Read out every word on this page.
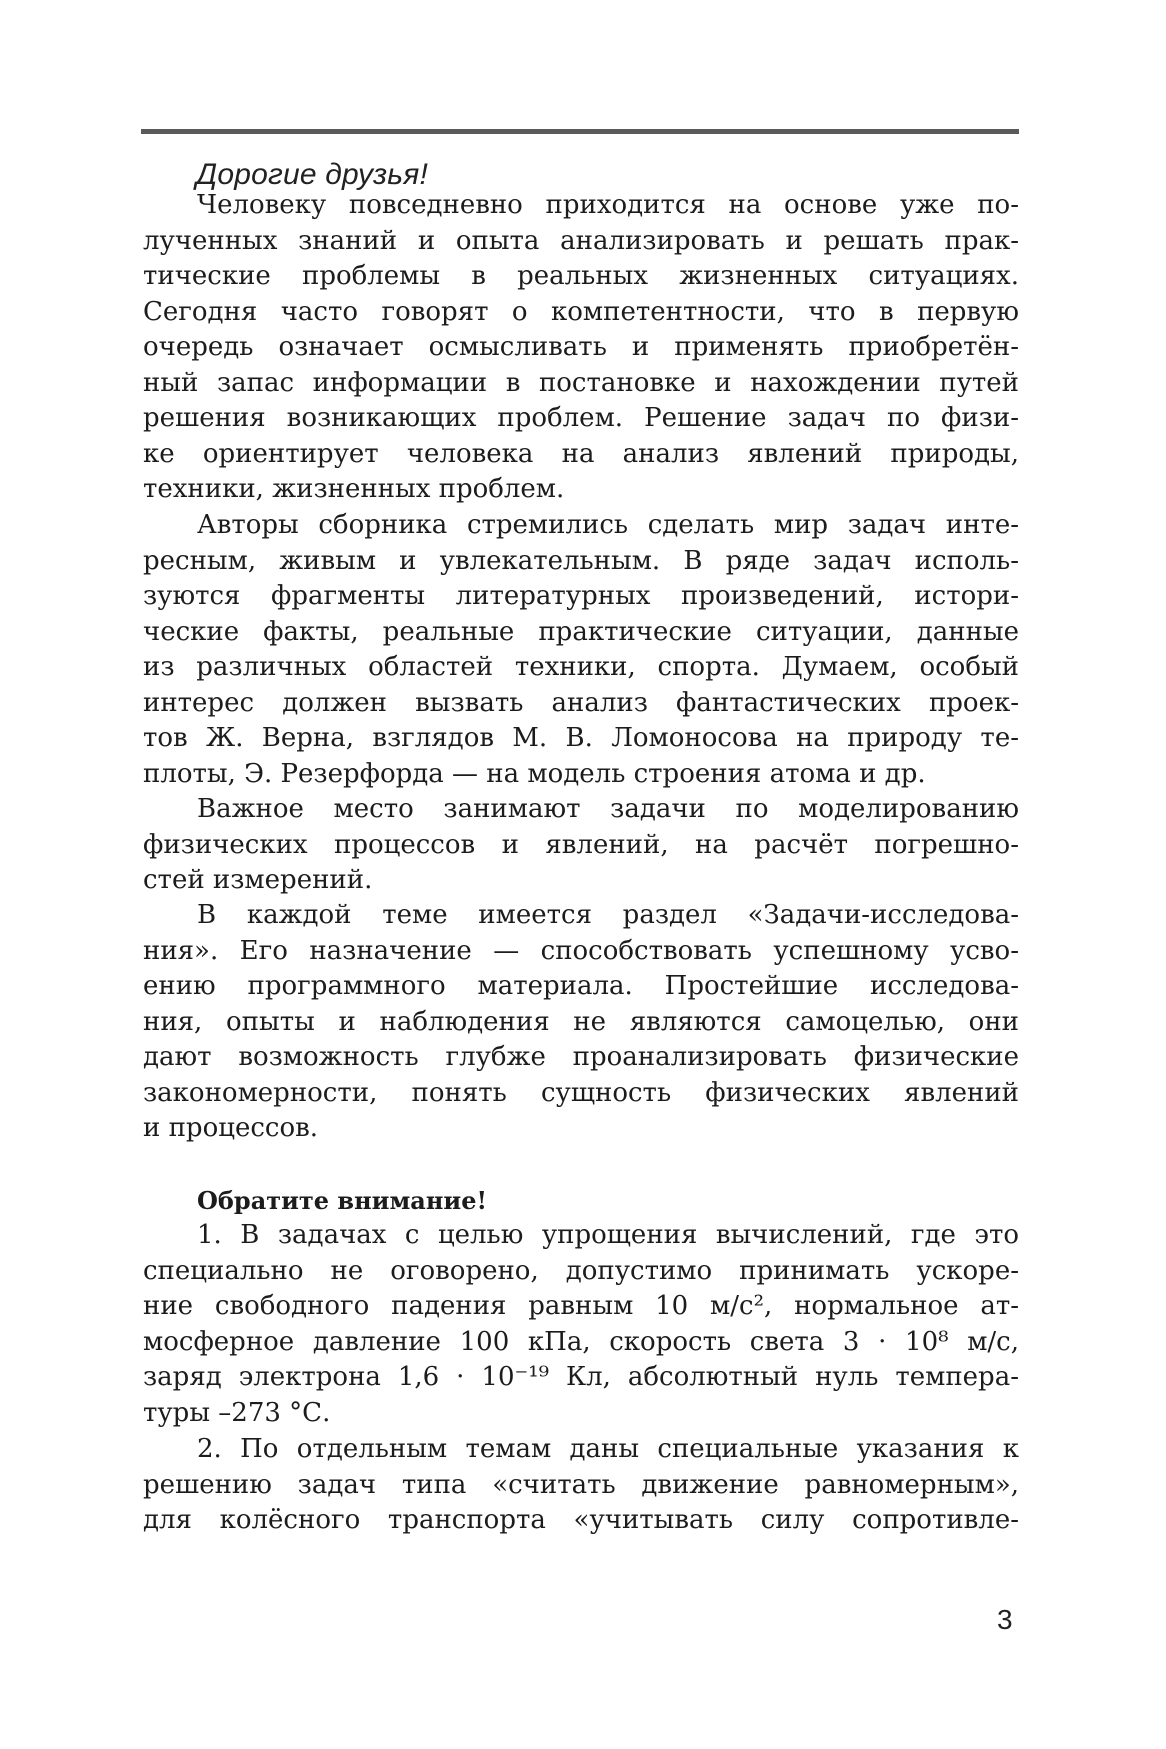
Дорогие друзья!
Человеку повседневно приходится на основе уже по-
лученных знаний и опыта анализировать и решать прак-
тические проблемы в реальных жизненных ситуациях.
Сегодня часто говорят о компетентности, что в первую
очередь означает осмысливать и применять приобретён-
ный запас информации в постановке и нахождении путей
решения возникающих проблем. Решение задач по физи-
ке ориентирует человека на анализ явлений природы,
техники, жизненных проблем.
Авторы сборника стремились сделать мир задач инте-
ресным, живым и увлекательным. В ряде задач исполь-
зуются фрагменты литературных произведений, истори-
ческие факты, реальные практические ситуации, данные
из различных областей техники, спорта. Думаем, особый
интерес должен вызвать анализ фантастических проек-
тов Ж. Верна, взглядов М. В. Ломоносова на природу те-
плоты, Э. Резерфорда — на модель строения атома и др.
Важное место занимают задачи по моделированию
физических процессов и явлений, на расчёт погрешно-
стей измерений.
В каждой теме имеется раздел «Задачи-исследова-
ния». Его назначение — способствовать успешному усво-
ению программного материала. Простейшие исследова-
ния, опыты и наблюдения не являются самоцелью, они
дают возможность глубже проанализировать физические
закономерности, понять сущность физических явлений
и процессов.
Обратите внимание!
1. В задачах с целью упрощения вычислений, где это
специально не оговорено, допустимо принимать ускоре-
ние свободного падения равным 10 м/с², нормальное ат-
мосферное давление 100 кПа, скорость света 3 · 10⁸ м/с,
заряд электрона 1,6 · 10⁻¹⁹ Кл, абсолютный нуль темпера-
туры –273 °С.
2. По отдельным темам даны специальные указания к
решению задач типа «считать движение равномерным»,
для колёсного транспорта «учитывать силу сопротивле-
3
